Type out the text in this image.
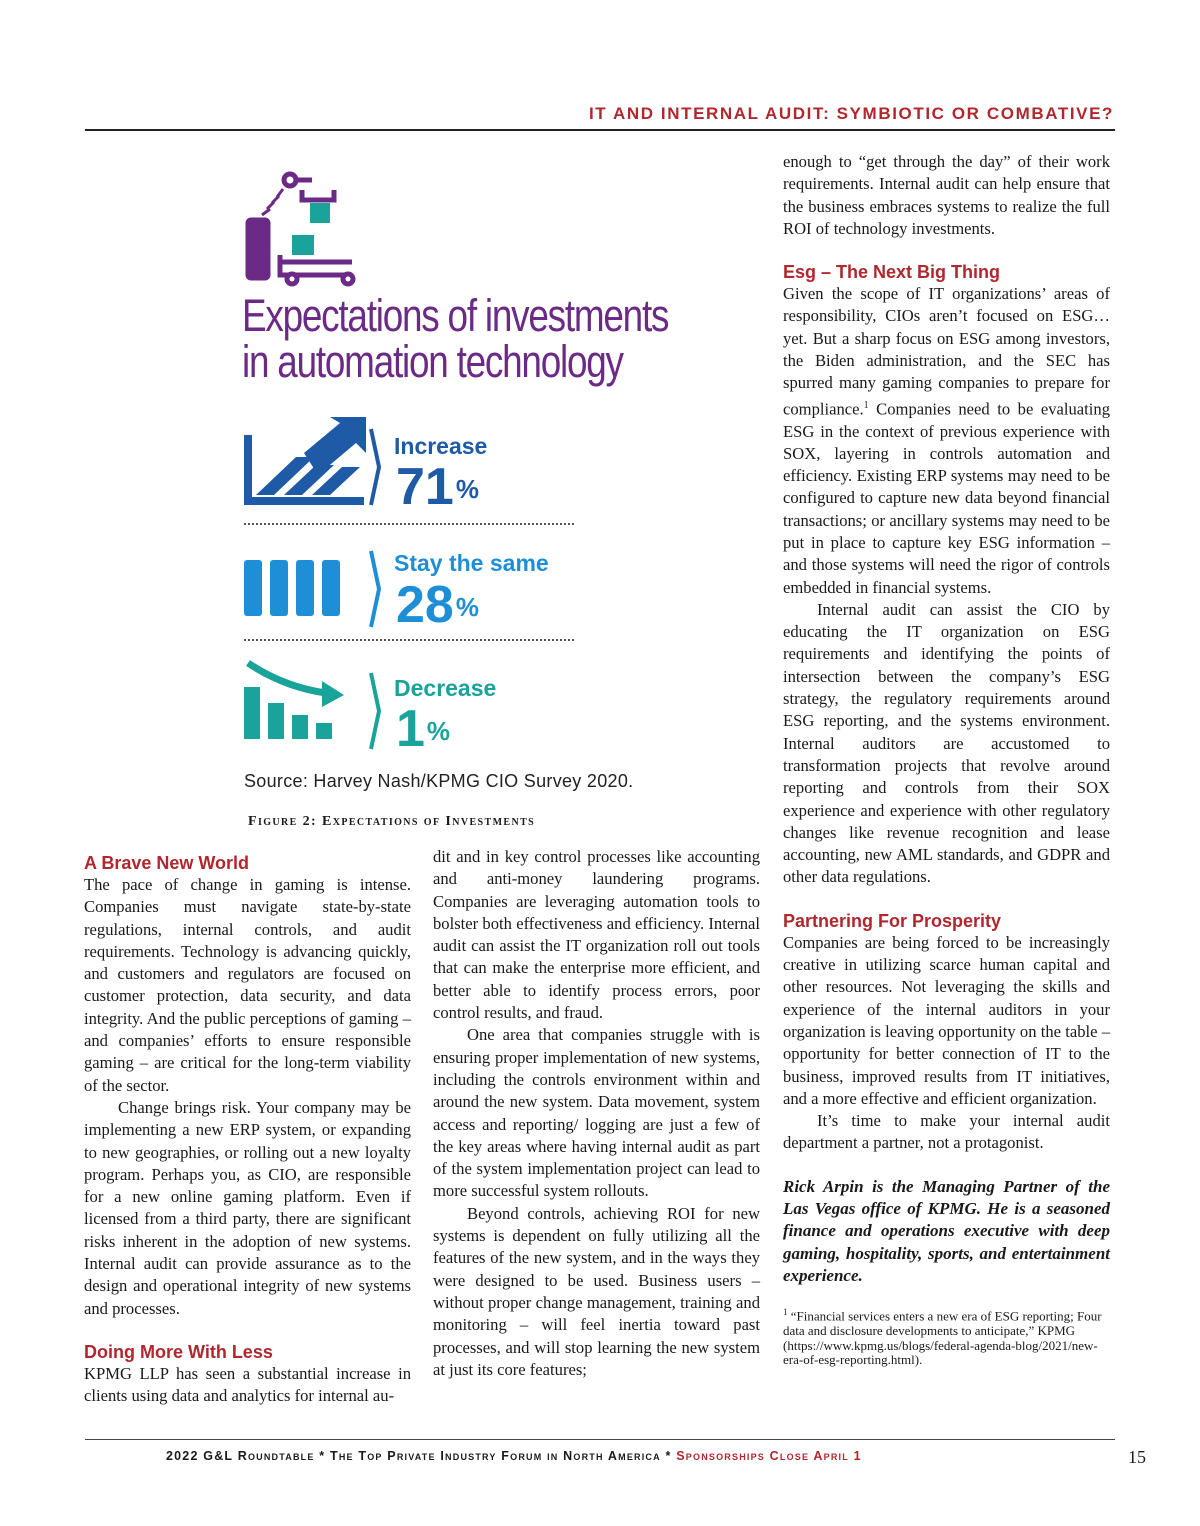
IT AND INTERNAL AUDIT: SYMBIOTIC OR COMBATIVE?
Expectations of investments
in automation technology
Increase
71%
Stay the same
28%
Decrease
1%
Source: Harvey Nash/KPMG CIO Survey 2020.
Figure 2: Expectations of Investments
A Brave New World

The pace of change in gaming is intense. Companies must navigate state-by-state regulations, internal controls, and audit requirements. Technology is advancing quickly, and customers and regulators are focused on customer protection, data security, and data integrity. And the public perceptions of gaming – and companies’ efforts to ensure responsible gaming – are critical for the long-term viability of the sector.

Change brings risk. Your company may be implementing a new ERP system, or expanding to new geographies, or rolling out a new loyalty program. Perhaps you, as CIO, are responsible for a new online gaming platform. Even if licensed from a third party, there are significant risks inherent in the adoption of new systems. Internal audit can provide assurance as to the design and operational integrity of new systems and processes.

Doing More With Less

KPMG LLP has seen a substantial increase in clients using data and analytics for internal au-

dit and in key control processes like accounting and anti-money laundering programs. Companies are leveraging automation tools to bolster both effectiveness and efficiency. Internal audit can assist the IT organization roll out tools that can make the enterprise more efficient, and better able to identify process errors, poor control results, and fraud.

One area that companies struggle with is ensuring proper implementation of new systems, including the controls environment within and around the new system. Data movement, system access and reporting/ logging are just a few of the key areas where having internal audit as part of the system implementation project can lead to more successful system rollouts.

Beyond controls, achieving ROI for new systems is dependent on fully utilizing all the features of the new system, and in the ways they were designed to be used. Business users – without proper change management, training and monitoring – will feel inertia toward past processes, and will stop learning the new system at just its core features;

enough to “get through the day” of their work requirements. Internal audit can help ensure that the business embraces systems to realize the full ROI of technology investments.

Esg – The Next Big Thing

Given the scope of IT organizations’ areas of responsibility, CIOs aren’t focused on ESG…yet. But a sharp focus on ESG among investors, the Biden administration, and the SEC has spurred many gaming companies to prepare for compliance.$^1$ Companies need to be evaluating ESG in the context of previous experience with SOX, layering in controls automation and efficiency. Existing ERP systems may need to be configured to capture new data beyond financial transactions; or ancillary systems may need to be put in place to capture key ESG information – and those systems will need the rigor of controls embedded in financial systems.

Internal audit can assist the CIO by educating the IT organization on ESG requirements and identifying the points of intersection between the company’s ESG strategy, the regulatory requirements around ESG reporting, and the systems environment. Internal auditors are accustomed to transformation projects that revolve around reporting and controls from their SOX experience and experience with other regulatory changes like revenue recognition and lease accounting, new AML standards, and GDPR and other data regulations.

Partnering For Prosperity

Companies are being forced to be increasingly creative in utilizing scarce human capital and other resources. Not leveraging the skills and experience of the internal auditors in your organization is leaving opportunity on the table – opportunity for better connection of IT to the business, improved results from IT initiatives, and a more effective and efficient organization.

It’s time to make your internal audit department a partner, not a protagonist.

Rick Arpin is the Managing Partner of the Las Vegas office of KPMG. He is a seasoned finance and operations executive with deep gaming, hospitality, sports, and entertainment experience.

$^1$ “Financial services enters a new era of ESG reporting; Four data and disclosure developments to anticipate,” KPMG (https://www.kpmg.us/blogs/federal-agenda-blog/2021/new-era-of-esg-reporting.html).

2022 G&L Roundtable * The Top Private Industry Forum in North America * Sponsorships Close April 1	15
